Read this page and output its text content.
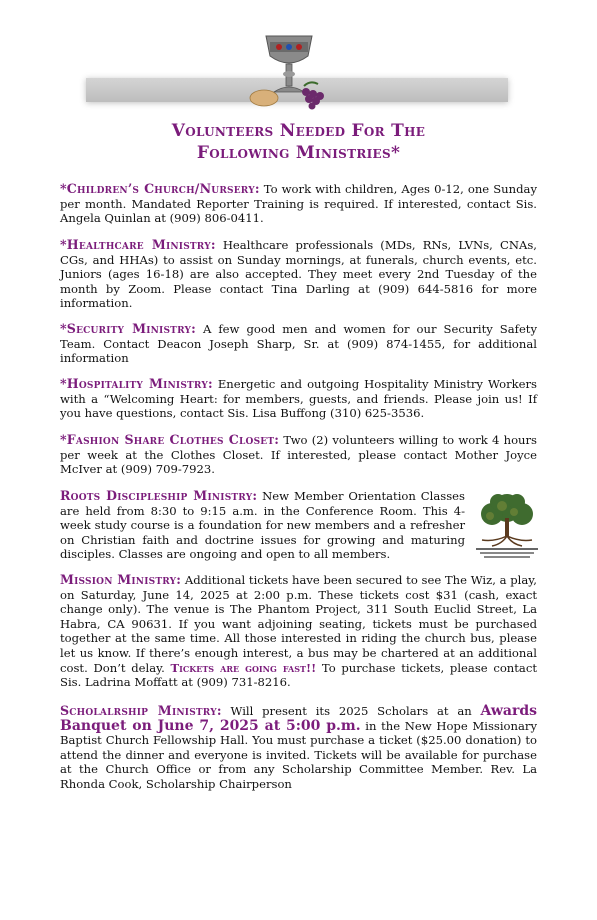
Volunteers Needed For The
Following Ministries*
*Children’s Church/Nursery: To work with children, Ages 0-12, one Sunday per month. Mandated Reporter Training is required. If interested, contact Sis. Angela Quinlan at (909) 806-0411.
*Healthcare Ministry: Healthcare professionals (MDs, RNs, LVNs, CNAs, CGs, and HHAs) to assist on Sunday mornings, at funerals, church events, etc. Juniors (ages 16-18) are also accepted. They meet every 2nd Tuesday of the month by Zoom. Please contact Tina Darling at (909) 644-5816 for more information.
*Security Ministry: A few good men and women for our Security Safety Team. Contact Deacon Joseph Sharp, Sr. at (909) 874-1455, for additional information
*Hospitality Ministry: Energetic and outgoing Hospitality Ministry Workers with a “Welcoming Heart: for members, guests, and friends. Please join us! If you have questions, contact Sis. Lisa Buffong (310) 625-3536.
*Fashion Share Clothes Closet: Two (2) volunteers willing to work 4 hours per week at the Clothes Closet. If interested, please contact Mother Joyce McIver at (909) 709-7923.
Roots Discipleship Ministry: New Member Orientation Classes are held from 8:30 to 9:15 a.m. in the Conference Room. This 4-week study course is a foundation for new members and a refresher on Christian faith and doctrine issues for growing and maturing disciples. Classes are ongoing and open to all members.
Mission Ministry: Additional tickets have been secured to see The Wiz, a play, on Saturday, June 14, 2025 at 2:00 p.m. These tickets cost $31 (cash, exact change only). The venue is The Phantom Project, 311 South Euclid Street, La Habra, CA 90631. If you want adjoining seating, tickets must be purchased together at the same time. All those interested in riding the church bus, please let us know. If there’s enough interest, a bus may be chartered at an additional cost. Don’t delay. Tickets are going fast!! To purchase tickets, please contact Sis. Ladrina Moffatt at (909) 731-8216.
Scholalrship Ministry: Will present its 2025 Scholars at an Awards Banquet on June 7, 2025 at 5:00 p.m. in the New Hope Missionary Baptist Church Fellowship Hall. You must purchase a ticket ($25.00 donation) to attend the dinner and everyone is invited. Tickets will be available for purchase at the Church Office or from any Scholarship Committee Member. Rev. La Rhonda Cook, Scholarship Chairperson
